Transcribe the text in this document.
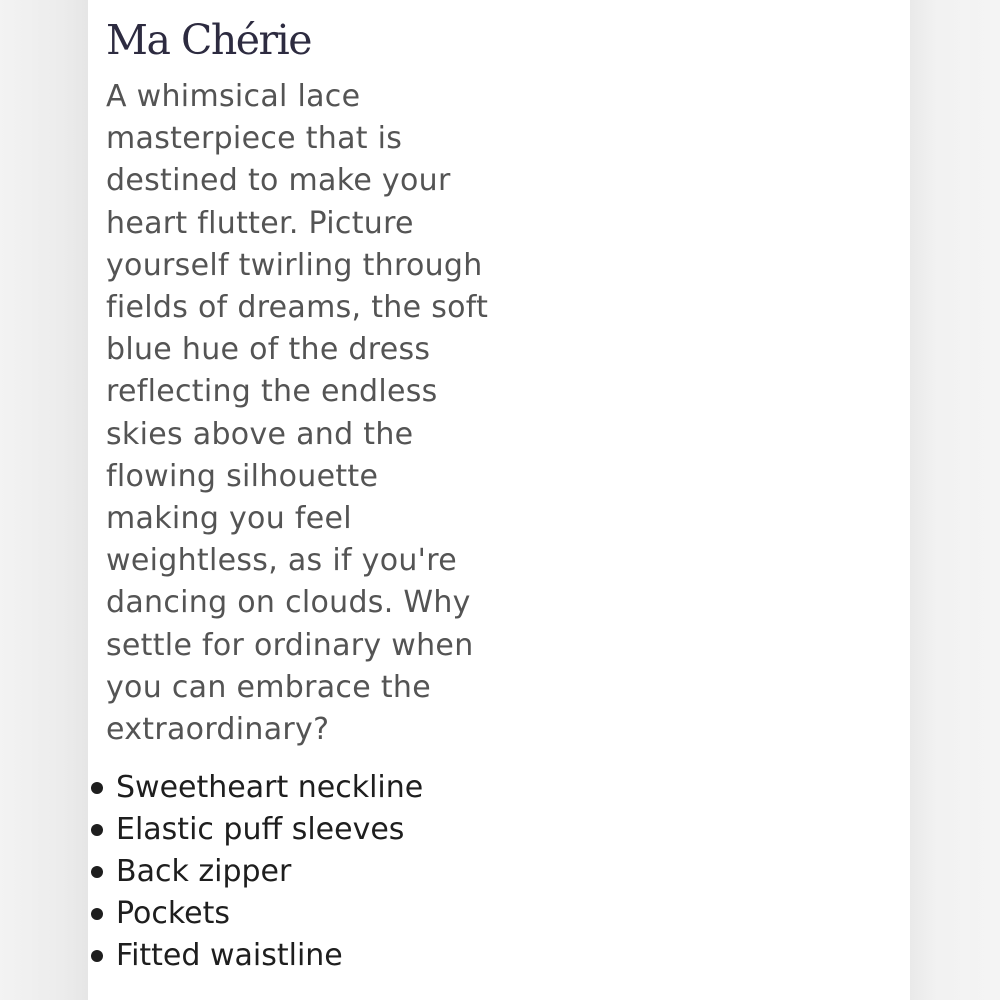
Ma Chérie

A whimsical lace masterpiece that is destined to make your heart flutter. Picture yourself twirling through fields of dreams, the soft blue hue of the dress reflecting the endless skies above and the flowing silhouette making you feel weightless, as if you're dancing on clouds. Why settle for ordinary when you can embrace the extraordinary?

Sweetheart neckline
Elastic puff sleeves
Back zipper
Pockets
Fitted waistline
